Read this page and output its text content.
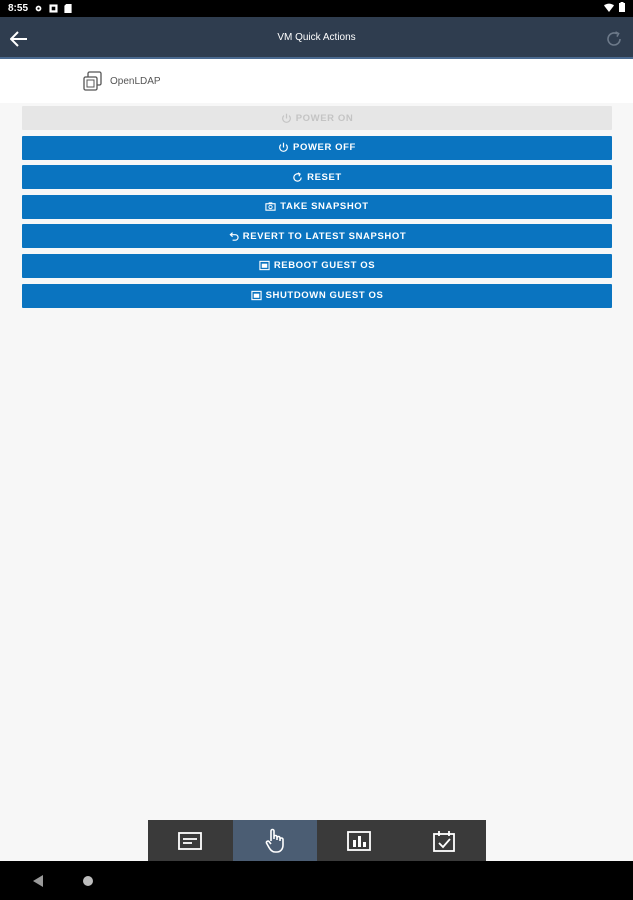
8:55
VM Quick Actions
OpenLDAP
POWER ON
POWER OFF
RESET
TAKE SNAPSHOT
REVERT TO LATEST SNAPSHOT
REBOOT GUEST OS
SHUTDOWN GUEST OS
